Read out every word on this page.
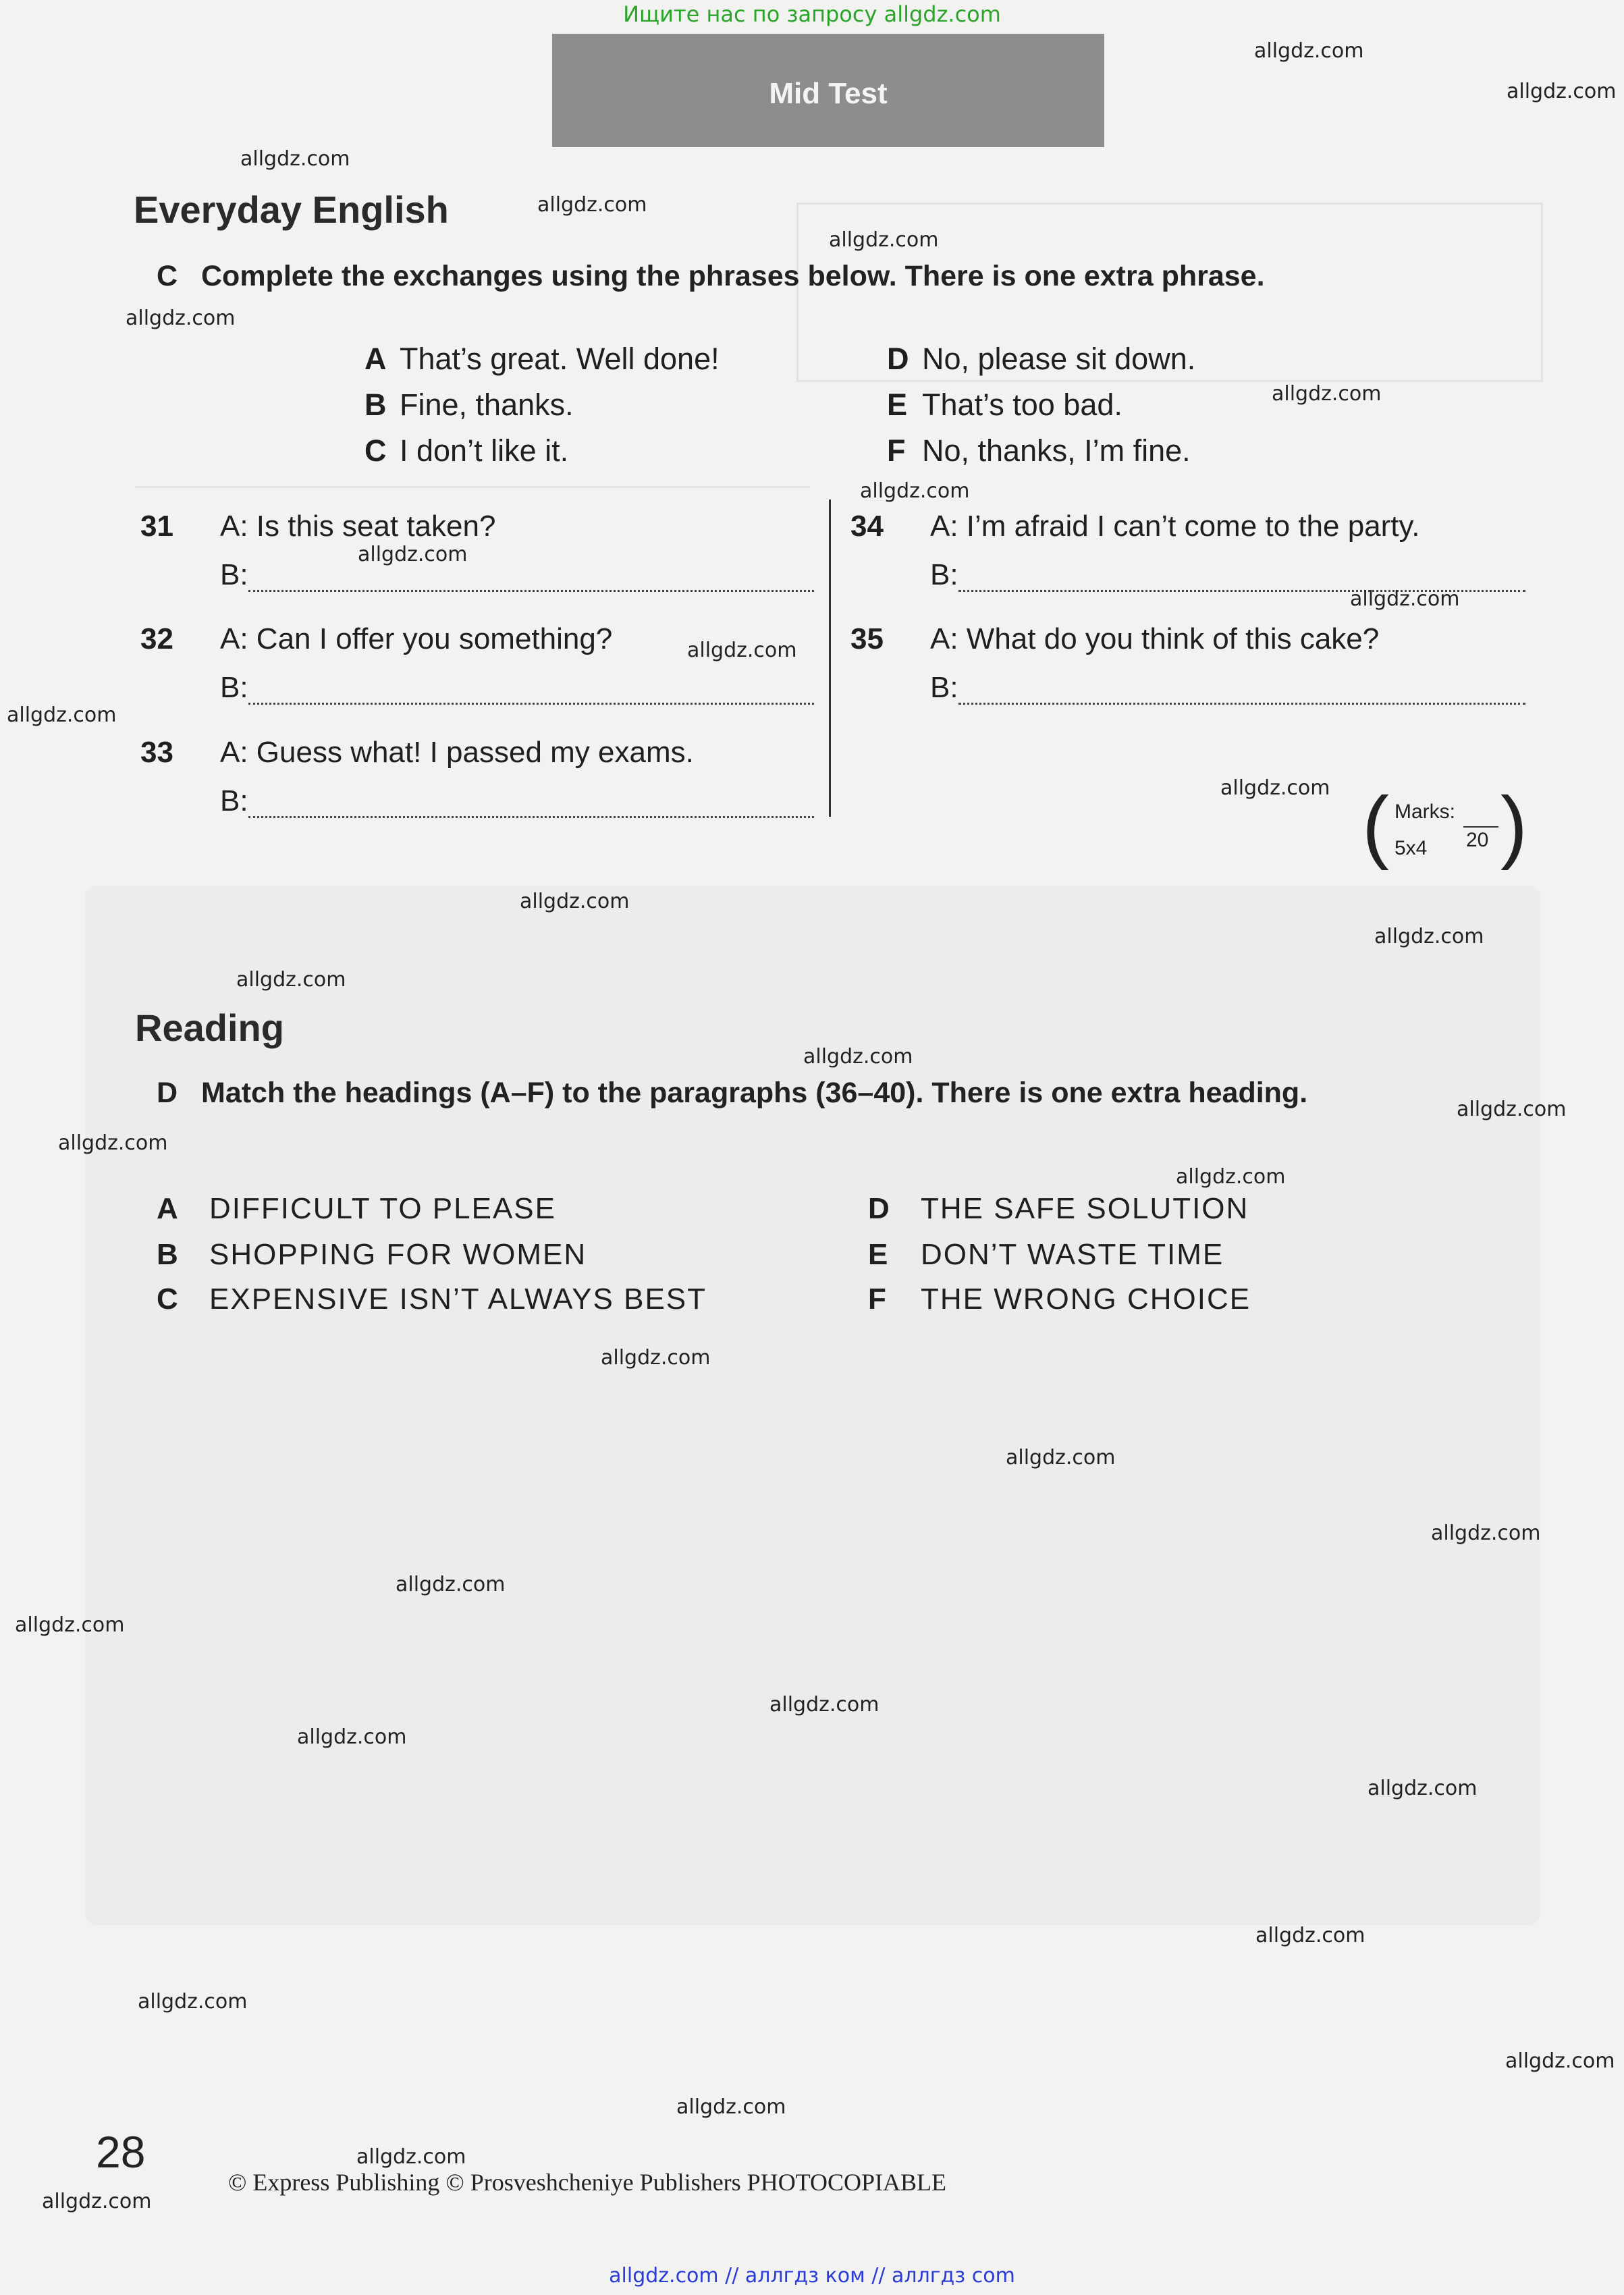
Ищите нас по запросу allgdz.com
Mid Test
Everyday English
C Complete the exchanges using the phrases below. There is one extra phrase.
A That’s great. Well done!
B Fine, thanks.
C I don’t like it.
D No, please sit down.
E That’s too bad.
F No, thanks, I’m fine.
31 A: Is this seat taken?
B:
32 A: Can I offer you something?
B:
33 A: Guess what! I passed my exams.
B:
34 A: I’m afraid I can’t come to the party.
B:
35 A: What do you think of this cake?
B:
( Marks:
20
5x4 )
Reading
D Match the headings (A–F) to the paragraphs (36–40). There is one extra heading.
A DIFFICULT TO PLEASE
B SHOPPING FOR WOMEN
C EXPENSIVE ISN’T ALWAYS BEST
D THE SAFE SOLUTION
E DON’T WASTE TIME
F THE WRONG CHOICE
28
© Express Publishing © Prosveshcheniye Publishers PHOTOCOPIABLE
allgdz.com
allgdz.com
allgdz.com
allgdz.com
allgdz.com
allgdz.com
allgdz.com
allgdz.com
allgdz.com
allgdz.com
allgdz.com
allgdz.com
allgdz.com
allgdz.com
allgdz.com
allgdz.com
allgdz.com
allgdz.com
allgdz.com
allgdz.com
allgdz.com
allgdz.com
allgdz.com
allgdz.com
allgdz.com
allgdz.com
allgdz.com
allgdz.com
allgdz.com
allgdz.com
allgdz.com
allgdz.com
allgdz.com
allgdz.com
allgdz.com // аллгдз ком // аллгдз com
